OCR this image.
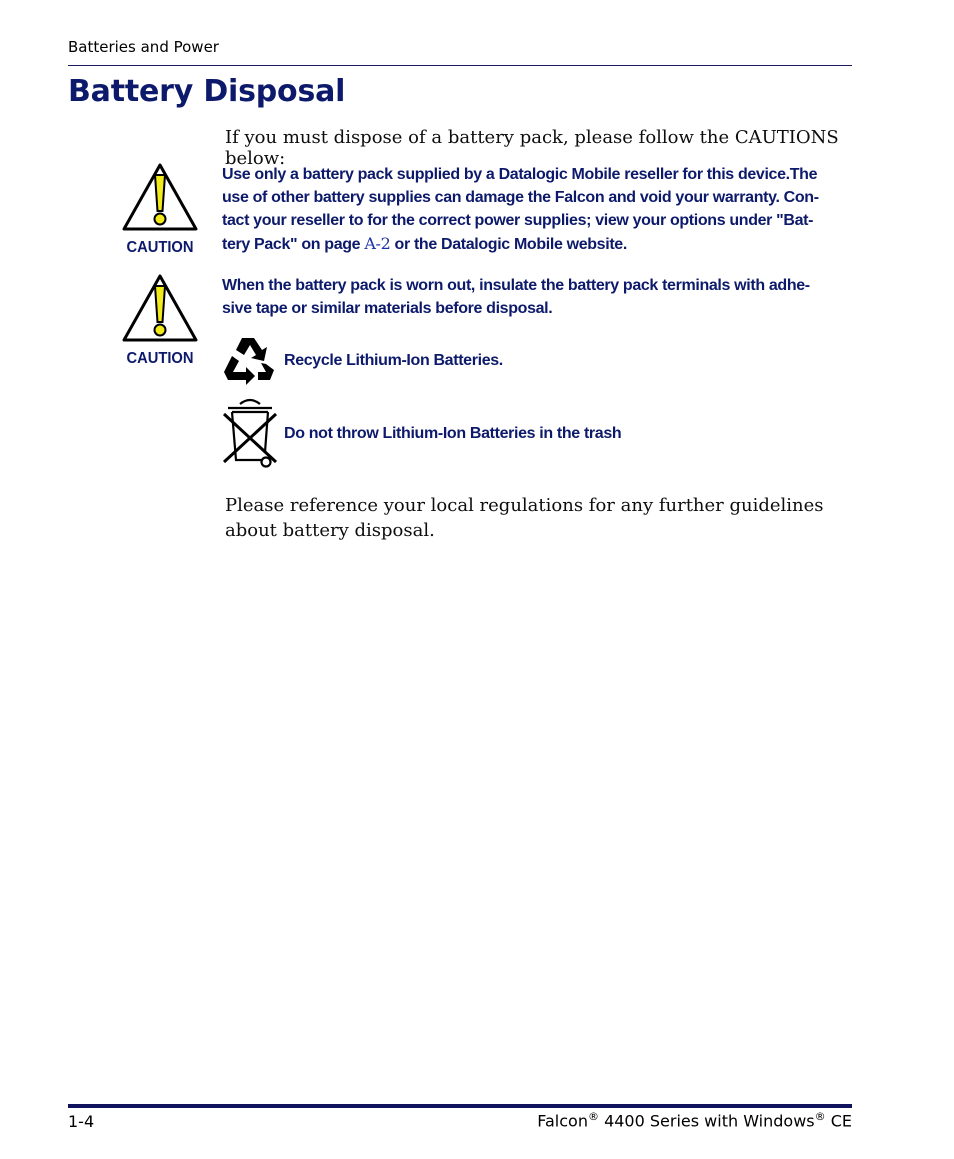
Batteries and Power
Battery Disposal

If you must dispose of a battery pack, please follow the CAUTIONS below:

CAUTION

Use only a battery pack supplied by a Datalogic Mobile reseller for this device.The use of other battery supplies can damage the Falcon and void your warranty. Con-tact your reseller to for the correct power supplies; view your options under "Bat-tery Pack" on page A-2 or the Datalogic Mobile website.

CAUTION

When the battery pack is worn out, insulate the battery pack terminals with adhe-sive tape or similar materials before disposal.

Recycle Lithium-Ion Batteries.
Do not throw Lithium-Ion Batteries in the trash

Please reference your local regulations for any further guidelines about battery disposal.

1-4	Falcon® 4400 Series with Windows® CE
